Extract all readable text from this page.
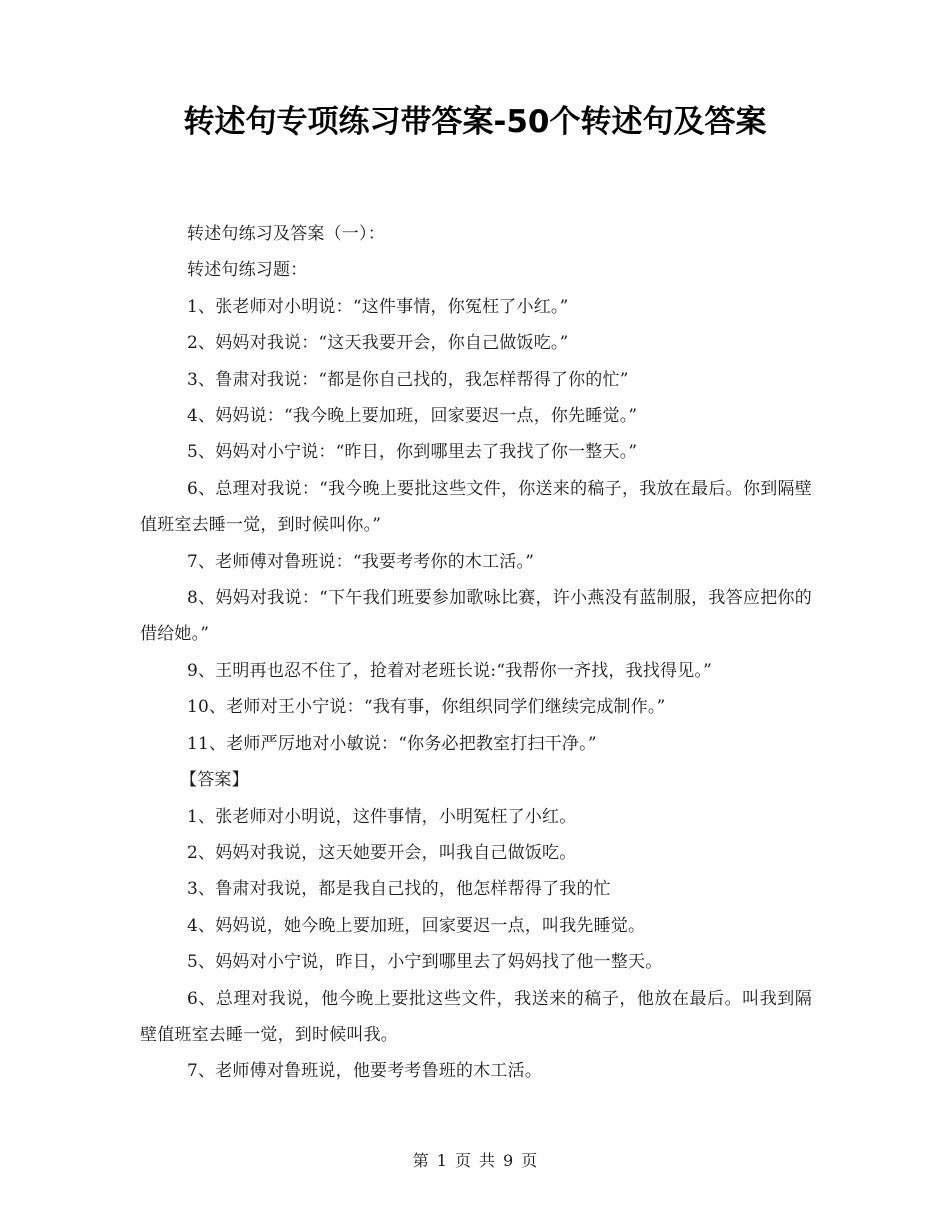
转述句专项练习带答案-50个转述句及答案

转述句练习及答案（一）：

转述句练习题：

1、张老师对小明说：“这件事情，你冤枉了小红。”

2、妈妈对我说：“这天我要开会，你自己做饭吃。”

3、鲁肃对我说：“都是你自己找的，我怎样帮得了你的忙”

4、妈妈说：“我今晚上要加班，回家要迟一点，你先睡觉。”

5、妈妈对小宁说：“昨日，你到哪里去了我找了你一整天。”

6、总理对我说：“我今晚上要批这些文件，你送来的稿子，我放在最后。你到隔壁值班室去睡一觉，到时候叫你。”

7、老师傅对鲁班说：“我要考考你的木工活。”

8、妈妈对我说：“下午我们班要参加歌咏比赛，许小燕没有蓝制服，我答应把你的借给她。”

9、王明再也忍不住了，抢着对老班长说:“我帮你一齐找，我找得见。”

10、老师对王小宁说：“我有事，你组织同学们继续完成制作。”

11、老师严厉地对小敏说：“你务必把教室打扫干净。”

【答案】

1、张老师对小明说，这件事情，小明冤枉了小红。

2、妈妈对我说，这天她要开会，叫我自己做饭吃。

3、鲁肃对我说，都是我自己找的，他怎样帮得了我的忙

4、妈妈说，她今晚上要加班，回家要迟一点，叫我先睡觉。

5、妈妈对小宁说，昨日，小宁到哪里去了妈妈找了他一整天。

6、总理对我说，他今晚上要批这些文件，我送来的稿子，他放在最后。叫我到隔壁值班室去睡一觉，到时候叫我。

7、老师傅对鲁班说，他要考考鲁班的木工活。

第 1 页 共 9 页
